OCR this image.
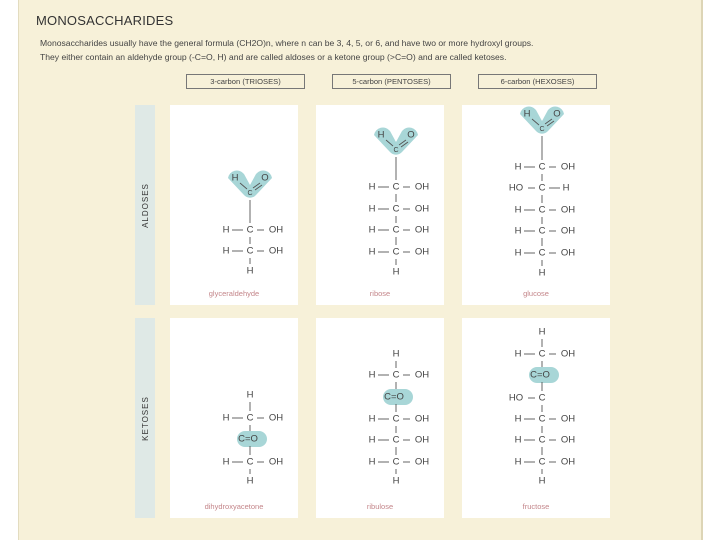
MONOSACCHARIDES
Monosaccharides usually have the general formula (CH2O)n, where n can be 3, 4, 5, or 6, and have two or more hydroxyl groups.
They either contain an aldehyde group (-C=O, H) and are called aldoses or a ketone group (>C=O) and are called ketoses.
3-carbon (TRIOSES)	5-carbon (PENTOSES)	6-carbon (HEXOSES)
ALDOSES
KETOSES
H O
C
C
H	OH
C
H	OH
H
glyceraldehyde
H O
C
C
H	OH
C
H	OH
C
H	OH
C
H	OH
H
ribose
H O
C
C
H	OH
C
HO	H
C
H	OH
C
H	OH
C
H	OH
H
glucose
H
C
H	OH
C=O
C
H	OH
H
dihydroxyacetone
H
C
H	OH
C=O
C
H	OH
C
H	OH
C
H	OH
H
ribulose
H
C
H	OH
C=O
C
HO
C
H	OH
C
H	OH
C
H	OH
H
fructose
